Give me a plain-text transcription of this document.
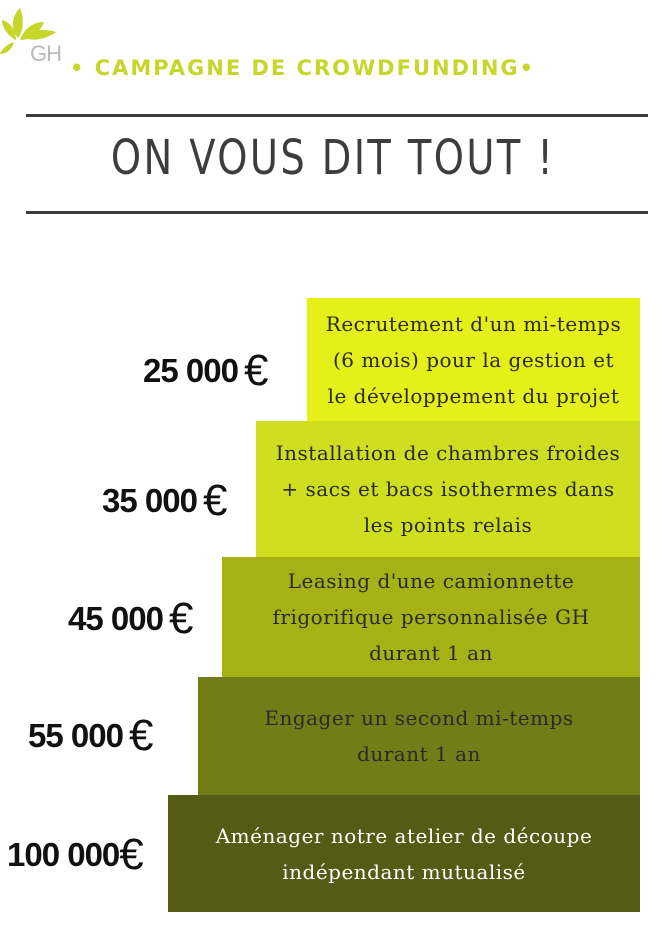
GH
• CAMPAGNE DE CROWDFUNDING•
ON VOUS DIT TOUT !
25 000 €
Recrutement d'un mi-temps
(6 mois) pour la gestion et
le développement du projet
35 000 €
Installation de chambres froides
+ sacs et bacs isothermes dans
les points relais
45 000 €
Leasing d'une camionnette
frigorifique personnalisée GH
durant 1 an
55 000 €	Engager un second mi-temps
durant 1 an
100 000€	Aménager notre atelier de découpe
indépendant mutualisé
